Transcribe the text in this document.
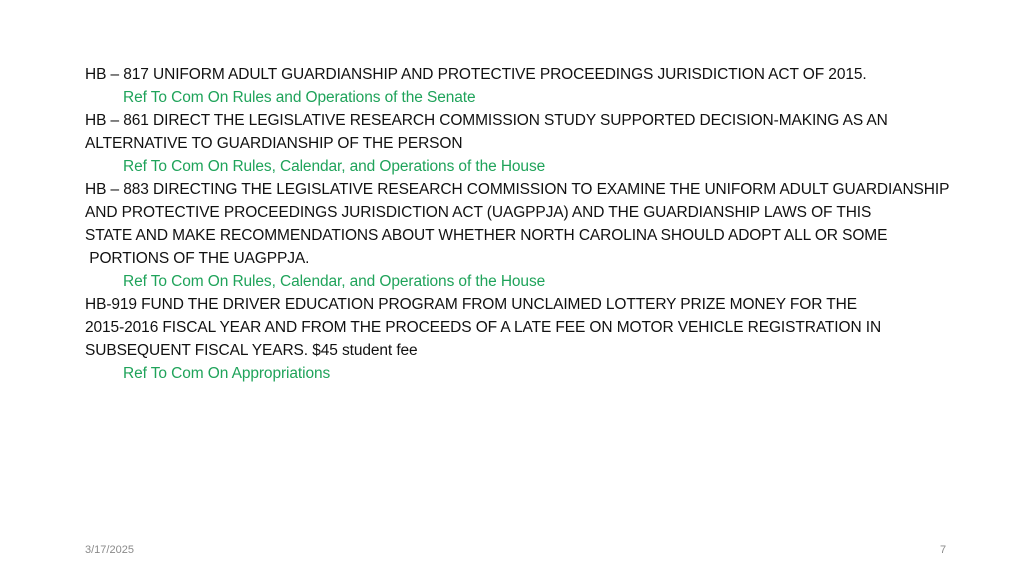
HB – 817 UNIFORM ADULT GUARDIANSHIP AND PROTECTIVE PROCEEDINGS JURISDICTION ACT OF 2015.
Ref To Com On Rules and Operations of the Senate
HB – 861 DIRECT THE LEGISLATIVE RESEARCH COMMISSION STUDY SUPPORTED DECISION-MAKING AS AN
ALTERNATIVE TO GUARDIANSHIP OF THE PERSON
Ref To Com On Rules, Calendar, and Operations of the House
HB – 883 DIRECTING THE LEGISLATIVE RESEARCH COMMISSION TO EXAMINE THE UNIFORM ADULT GUARDIANSHIP
AND PROTECTIVE PROCEEDINGS JURISDICTION ACT (UAGPPJA) AND THE GUARDIANSHIP LAWS OF THIS
STATE AND MAKE RECOMMENDATIONS ABOUT WHETHER NORTH CAROLINA SHOULD ADOPT ALL OR SOME
PORTIONS OF THE UAGPPJA.
Ref To Com On Rules, Calendar, and Operations of the House
HB-919 FUND THE DRIVER EDUCATION PROGRAM FROM UNCLAIMED LOTTERY PRIZE MONEY FOR THE
2015-2016 FISCAL YEAR AND FROM THE PROCEEDS OF A LATE FEE ON MOTOR VEHICLE REGISTRATION IN
SUBSEQUENT FISCAL YEARS. $45 student fee
Ref To Com On Appropriations
3/17/2025	7
